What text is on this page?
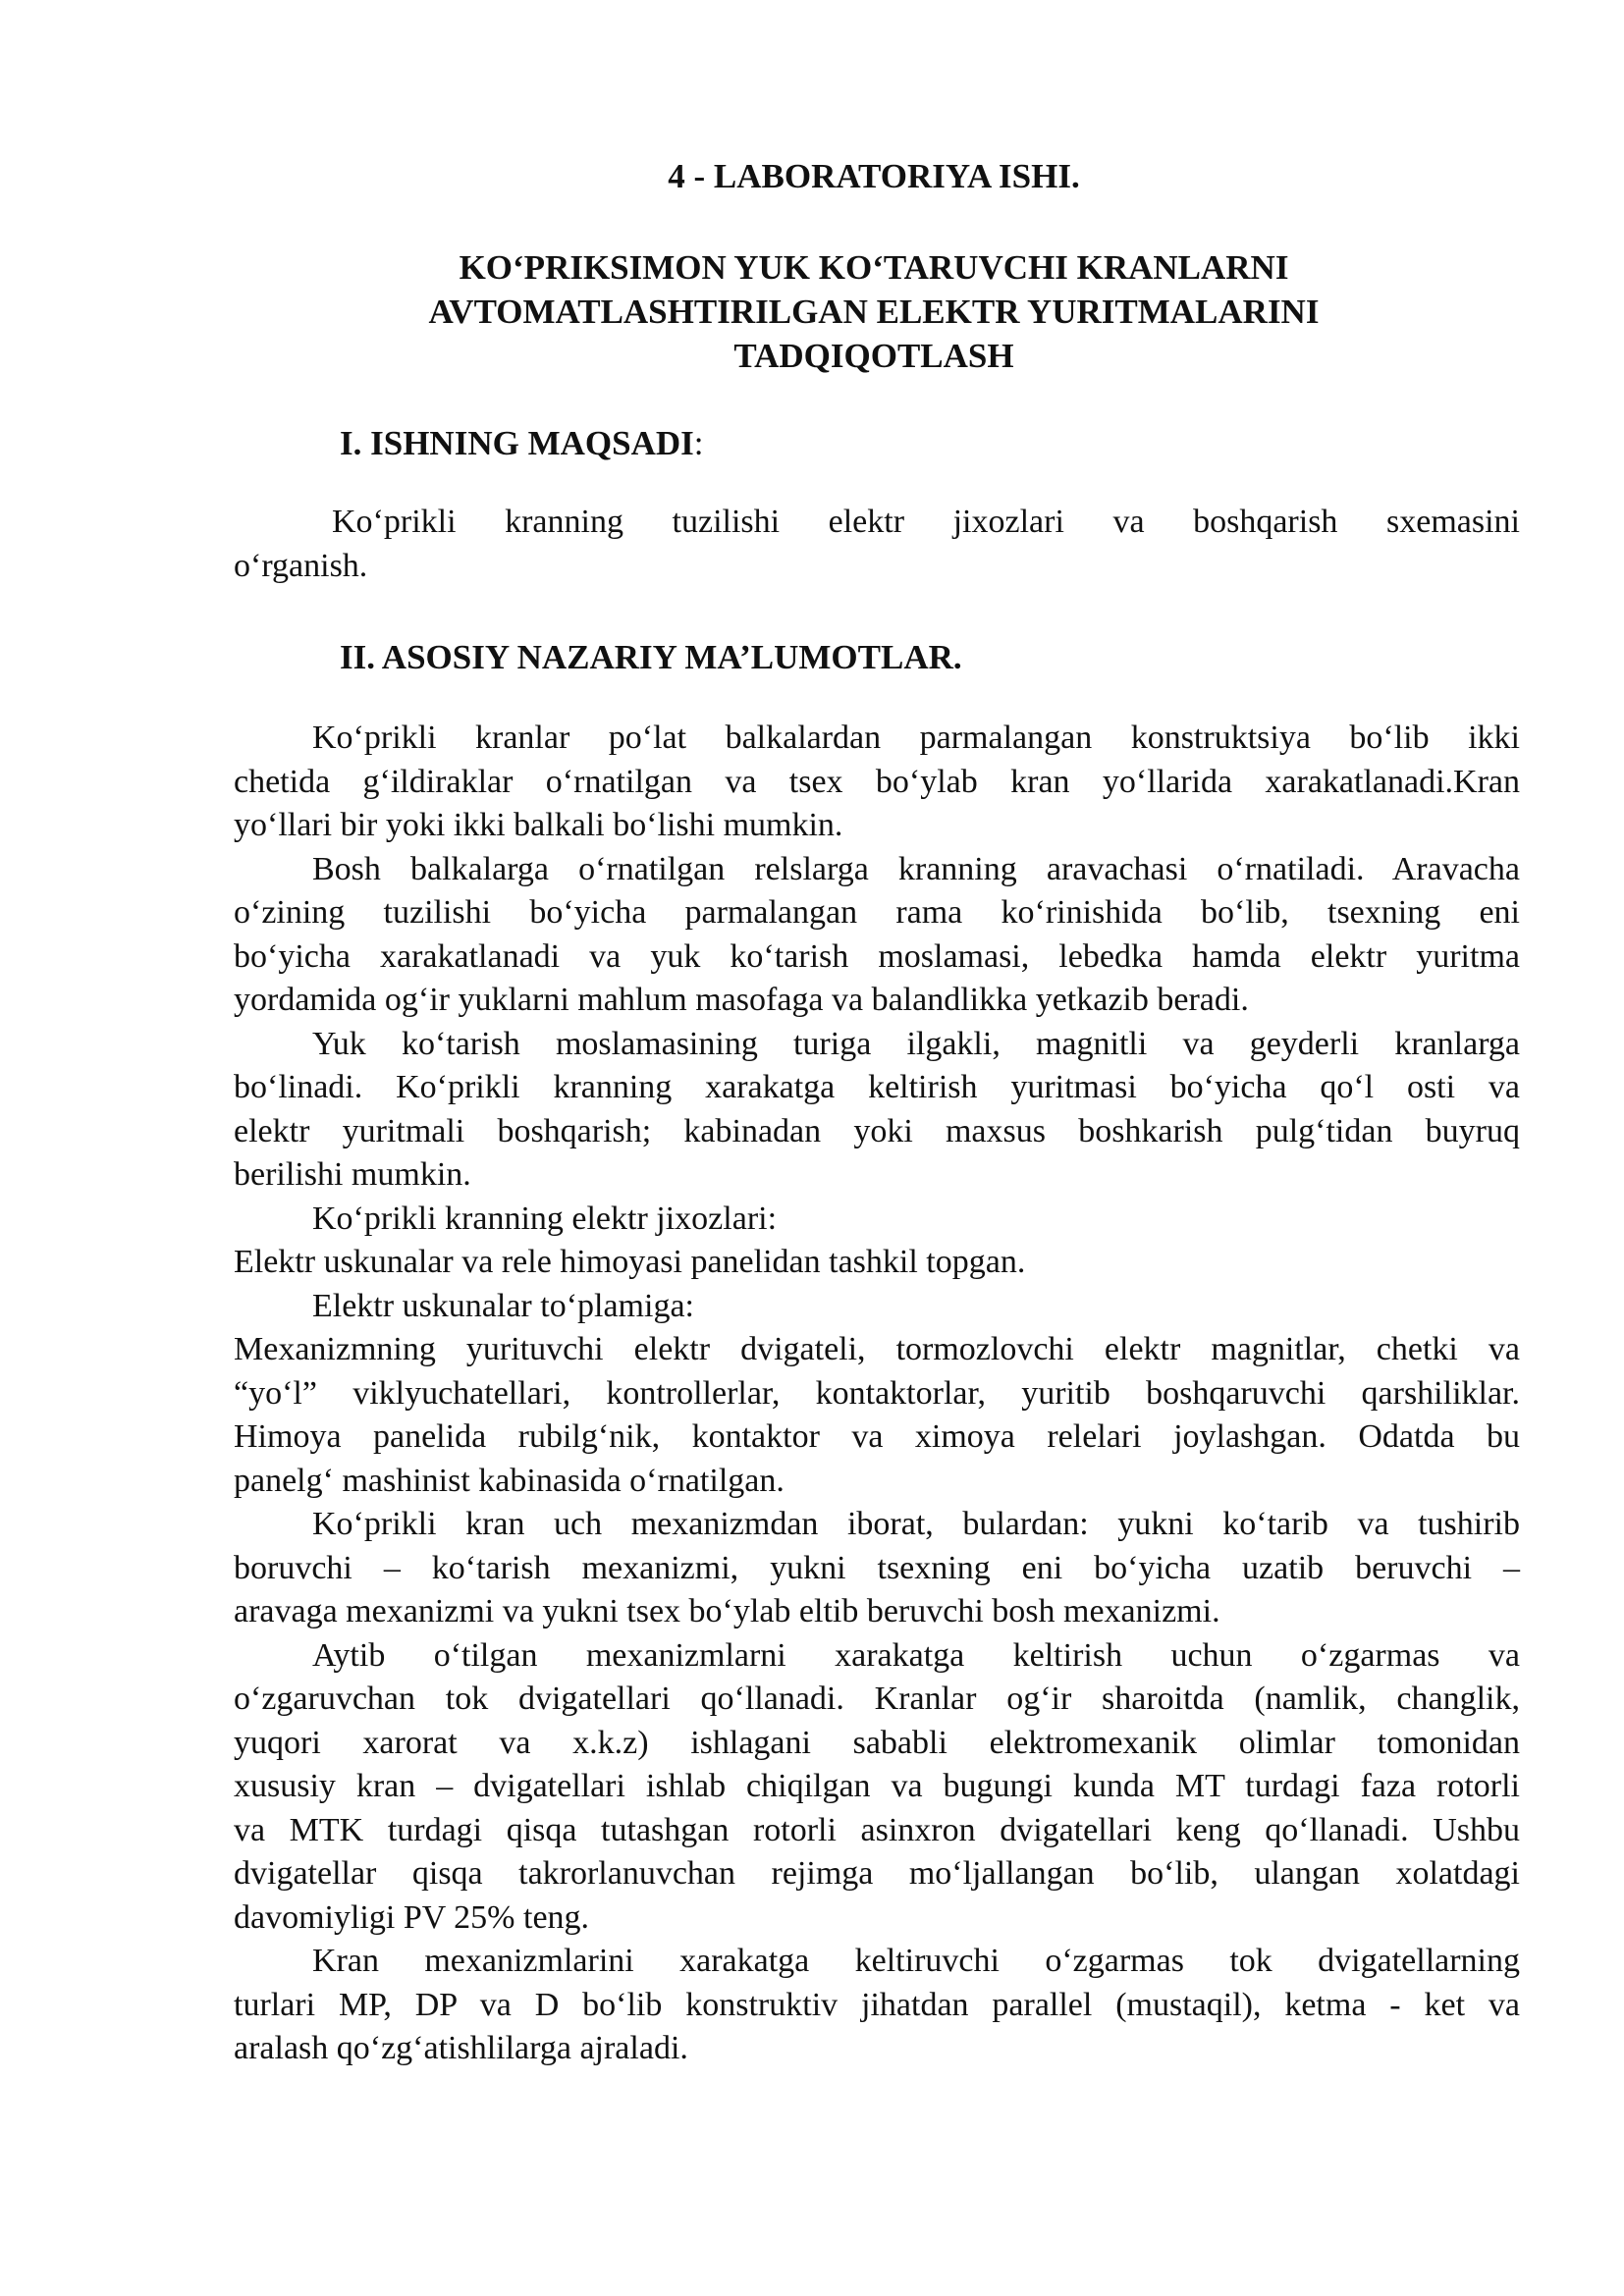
4 - LABORATORIYA ISHI.
KO‘PRIKSIMON YUK KO‘TARUVCHI KRANLARNI
AVTOMATLASHTIRILGAN ELEKTR YURITMALARINI
TADQIQOTLASH
I. ISHNING MAQSADI:

Ko‘prikli kranning tuzilishi elektr jixozlari va boshqarish sxemasini
o‘rganish.

II. ASOSIY NAZARIY MA’LUMOTLAR.
Ko‘prikli kranlar po‘lat balkalardan parmalangan konstruktsiya bo‘lib ikki
chetida g‘ildiraklar o‘rnatilgan va tsex bo‘ylab kran yo‘llarida xarakatlanadi.Kran
yo‘llari bir yoki ikki balkali bo‘lishi mumkin.
Bosh balkalarga o‘rnatilgan relslarga kranning aravachasi o‘rnatiladi. Aravacha
o‘zining tuzilishi bo‘yicha parmalangan rama ko‘rinishida bo‘lib, tsexning eni
bo‘yicha xarakatlanadi va yuk ko‘tarish moslamasi, lebedka hamda elektr yuritma
yordamida og‘ir yuklarni mahlum masofaga va balandlikka yetkazib beradi.
Yuk ko‘tarish moslamasining turiga ilgakli, magnitli va geyderli kranlarga
bo‘linadi. Ko‘prikli kranning xarakatga keltirish yuritmasi bo‘yicha qo‘l osti va
elektr yuritmali boshqarish; kabinadan yoki maxsus boshkarish pulg‘tidan buyruq
berilishi mumkin.
Ko‘prikli kranning elektr jixozlari:
Elektr uskunalar va rele himoyasi panelidan tashkil topgan.
Elektr uskunalar to‘plamiga:
Mexanizmning yurituvchi elektr dvigateli, tormozlovchi elektr magnitlar, chetki va
“yo‘l” viklyuchatellari, kontrollerlar, kontaktorlar, yuritib boshqaruvchi qarshiliklar.
Himoya panelida rubilg‘nik, kontaktor va ximoya relelari joylashgan. Odatda bu
panelg‘ mashinist kabinasida o‘rnatilgan.
Ko‘prikli kran uch mexanizmdan iborat, bulardan: yukni ko‘tarib va tushirib
boruvchi – ko‘tarish mexanizmi, yukni tsexning eni bo‘yicha uzatib beruvchi –
aravaga mexanizmi va yukni tsex bo‘ylab eltib beruvchi bosh mexanizmi.
Aytib o‘tilgan mexanizmlarni xarakatga keltirish uchun o‘zgarmas va
o‘zgaruvchan tok dvigatellari qo‘llanadi. Kranlar og‘ir sharoitda (namlik, changlik,
yuqori xarorat va x.k.z) ishlagani sababli elektromexanik olimlar tomonidan
xususiy kran – dvigatellari ishlab chiqilgan va bugungi kunda MT turdagi faza rotorli
va MTK turdagi qisqa tutashgan rotorli asinxron dvigatellari keng qo‘llanadi. Ushbu
dvigatellar qisqa takrorlanuvchan rejimga mo‘ljallangan bo‘lib, ulangan xolatdagi
davomiyligi PV 25% teng.
Kran mexanizmlarini xarakatga keltiruvchi o‘zgarmas tok dvigatellarning
turlari MP, DP va D bo‘lib konstruktiv jihatdan parallel (mustaqil), ketma - ket va
aralash qo‘zg‘atishlilarga ajraladi.
